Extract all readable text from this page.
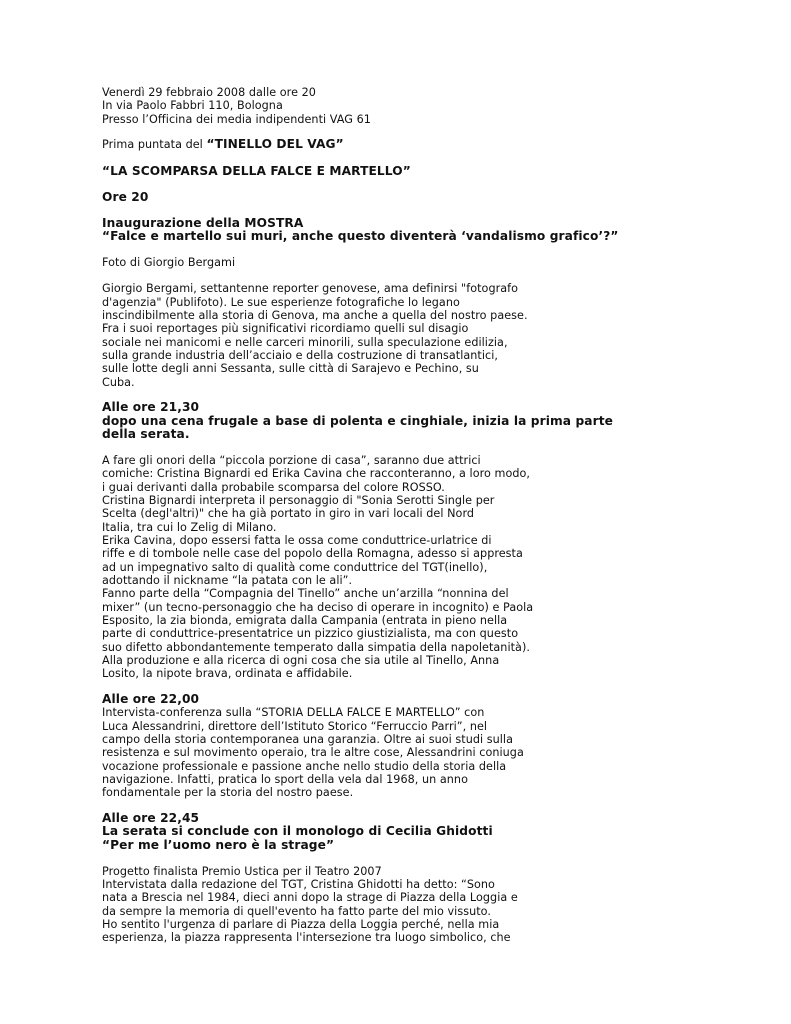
Venerdì 29 febbraio 2008 dalle ore 20
In via Paolo Fabbri 110, Bologna
Presso l’Officina dei media indipendenti VAG 61
Prima puntata del “TINELLO DEL VAG”
“LA SCOMPARSA DELLA FALCE E MARTELLO”
Ore 20
Inaugurazione della MOSTRA
“Falce e martello sui muri, anche questo diventerà ‘vandalismo grafico’?”
Foto di Giorgio Bergami
Giorgio Bergami, settantenne reporter genovese, ama definirsi "fotografo
d'agenzia" (Publifoto). Le sue esperienze fotografiche lo legano
inscindibilmente alla storia di Genova, ma anche a quella del nostro paese.
Fra i suoi reportages più significativi ricordiamo quelli sul disagio
sociale nei manicomi e nelle carceri minorili, sulla speculazione edilizia,
sulla grande industria dell’acciaio e della costruzione di transatlantici,
sulle lotte degli anni Sessanta, sulle città di Sarajevo e Pechino, su
Cuba.
Alle ore 21,30
dopo una cena frugale a base di polenta e cinghiale, inizia la prima parte
della serata.
A fare gli onori della “piccola porzione di casa”, saranno due attrici
comiche: Cristina Bignardi ed Erika Cavina che racconteranno, a loro modo,
i guai derivanti dalla probabile scomparsa del colore ROSSO.
Cristina Bignardi interpreta il personaggio di "Sonia Serotti Single per
Scelta (degl'altri)" che ha già portato in giro in vari locali del Nord
Italia, tra cui lo Zelig di Milano.
Erika Cavina, dopo essersi fatta le ossa come conduttrice-urlatrice di
riffe e di tombole nelle case del popolo della Romagna, adesso si appresta
ad un impegnativo salto di qualità come conduttrice del TGT(inello),
adottando il nickname “la patata con le ali”.
Fanno parte della “Compagnia del Tinello” anche un’arzilla “nonnina del
mixer” (un tecno-personaggio che ha deciso di operare in incognito) e Paola
Esposito, la zia bionda, emigrata dalla Campania (entrata in pieno nella
parte di conduttrice-presentatrice un pizzico giustizialista, ma con questo
suo difetto abbondantemente temperato dalla simpatia della napoletanità).
Alla produzione e alla ricerca di ogni cosa che sia utile al Tinello, Anna
Losito, la nipote brava, ordinata e affidabile.
Alle ore 22,00
Intervista-conferenza sulla “STORIA DELLA FALCE E MARTELLO” con
Luca Alessandrini, direttore dell’Istituto Storico “Ferruccio Parri”, nel
campo della storia contemporanea una garanzia. Oltre ai suoi studi sulla
resistenza e sul movimento operaio, tra le altre cose, Alessandrini coniuga
vocazione professionale e passione anche nello studio della storia della
navigazione. Infatti, pratica lo sport della vela dal 1968, un anno
fondamentale per la storia del nostro paese.
Alle ore 22,45
La serata si conclude con il monologo di Cecilia Ghidotti
“Per me l’uomo nero è la strage”
Progetto finalista Premio Ustica per il Teatro 2007
Intervistata dalla redazione del TGT, Cristina Ghidotti ha detto: “Sono
nata a Brescia nel 1984, dieci anni dopo la strage di Piazza della Loggia e
da sempre la memoria di quell'evento ha fatto parte del mio vissuto.
Ho sentito l'urgenza di parlare di Piazza della Loggia perché, nella mia
esperienza, la piazza rappresenta l'intersezione tra luogo simbolico, che
